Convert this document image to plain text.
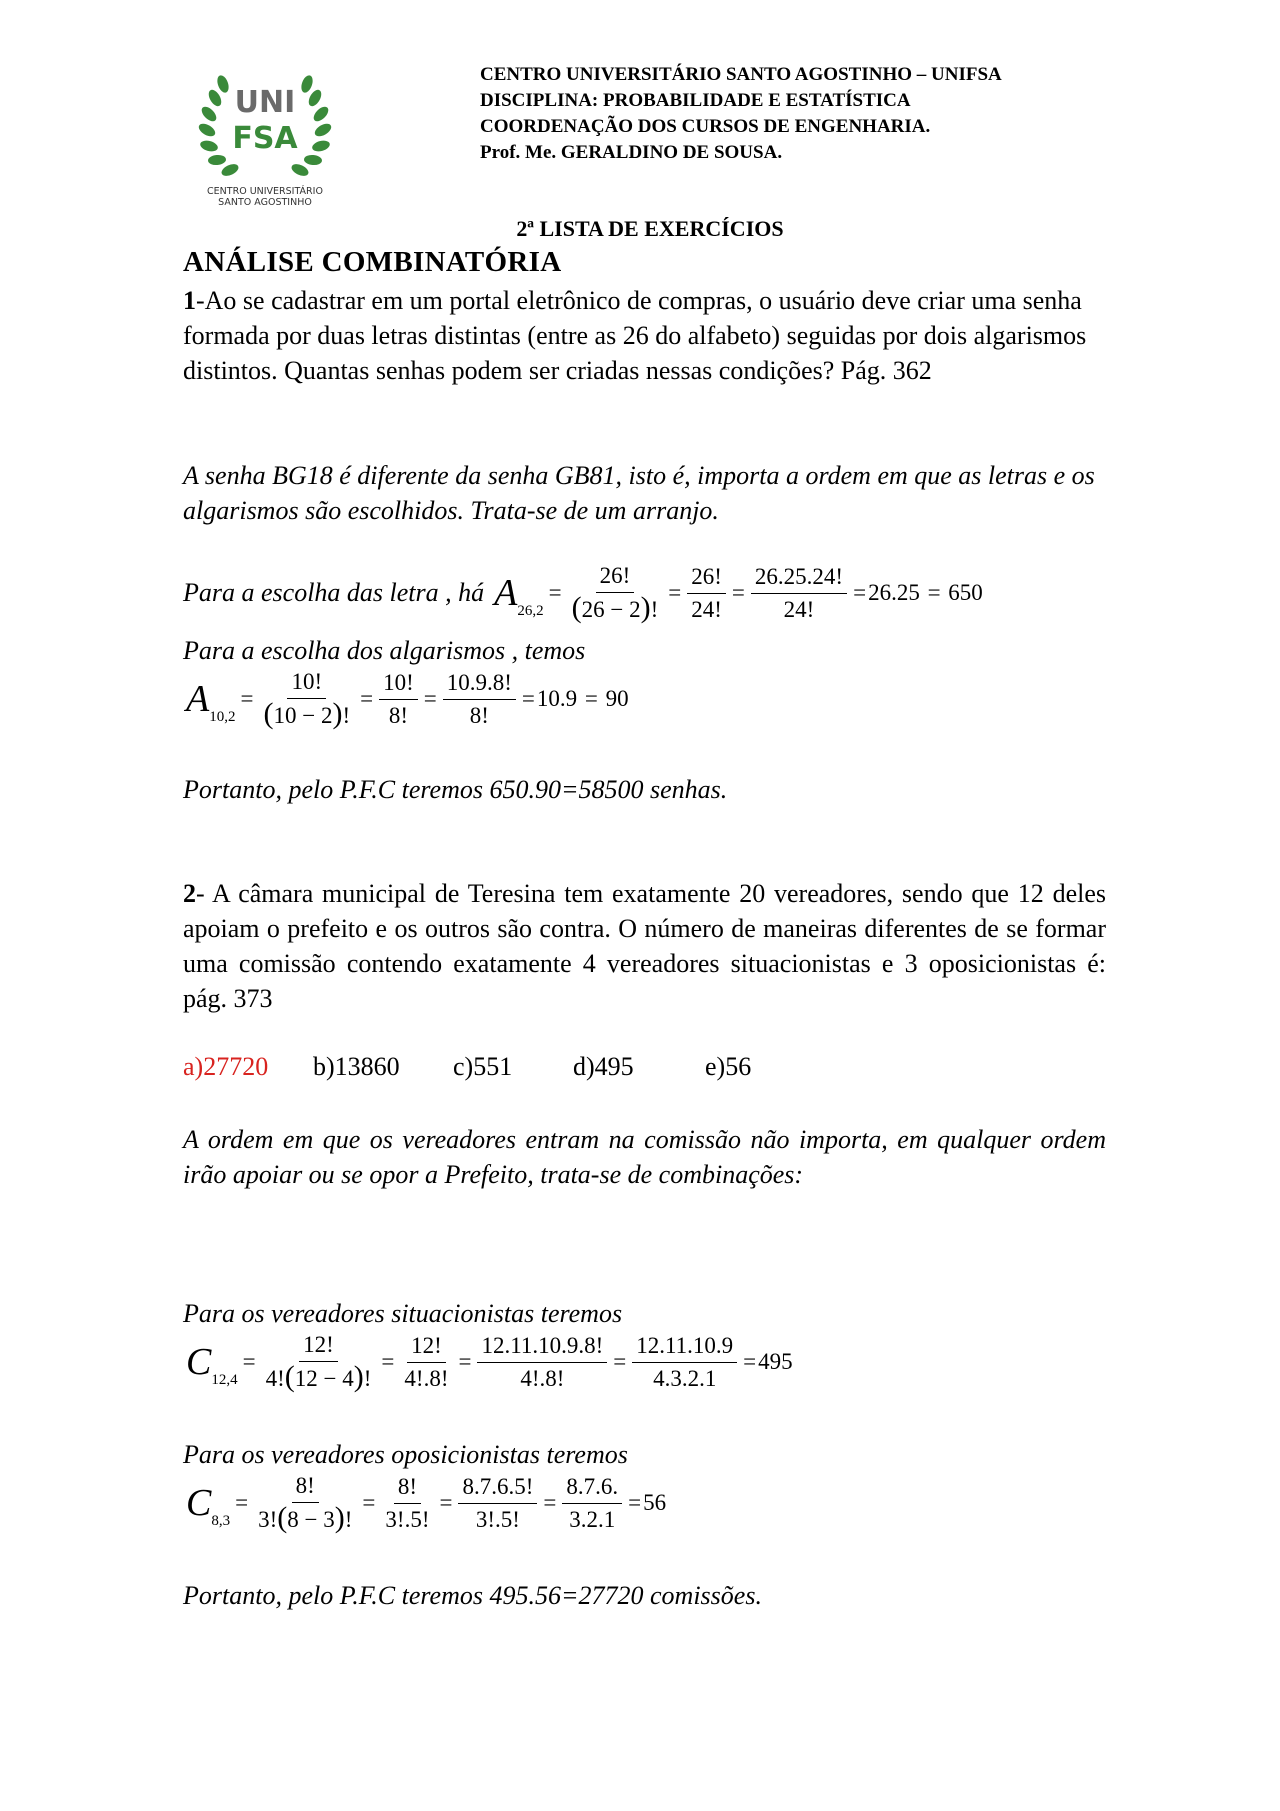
UNI
FSA
CENTRO UNIVERSITÁRIO
SANTO AGOSTINHO
CENTRO UNIVERSITÁRIO SANTO AGOSTINHO – UNIFSA
DISCIPLINA: PROBABILIDADE E ESTATÍSTICA
COORDENAÇÃO DOS CURSOS DE ENGENHARIA.
Prof. Me. GERALDINO DE SOUSA.
2ª LISTA DE EXERCÍCIOS
ANÁLISE COMBINATÓRIA
1-Ao se cadastrar em um portal eletrônico de compras, o usuário deve criar uma senha formada por duas letras distintas (entre as 26 do alfabeto) seguidas por dois algarismos distintos. Quantas senhas podem ser criadas nessas condições? Pág. 362
A senha BG18 é diferente da senha GB81, isto é, importa a ordem em que as letras e os algarismos são escolhidos. Trata-se de um arranjo.
Para a escolha das letra , há A 26,2
= $\frac{26!}{(26 - 2)!} = \frac{26!}{24!} = \frac{26.25.24!}{24!} = 26.25 = 650$
Para a escolha dos algarismos , temos
A 10,2
= $\frac{10!}{(10 - 2)!} = \frac{10!}{8!} = \frac{10.9.8!}{8!} = 10.9 = 90$
Portanto, pelo P.F.C teremos 650.90=58500 senhas.
2- A câmara municipal de Teresina tem exatamente 20 vereadores, sendo que 12 deles apoiam o prefeito e os outros são contra. O número de maneiras diferentes de se formar uma comissão contendo exatamente 4 vereadores situacionistas e 3 oposicionistas é: pág. 373
a)27720 b)13860 c)551 d)495	e)56
A ordem em que os vereadores entram na comissão não importa, em qualquer ordem irão apoiar ou se opor a Prefeito, trata-se de combinações:
Para os vereadores situacionistas teremos
C 12,4
= $\frac{12!}{4!(12 - 4)!} = \frac{12!}{4!.8!} = \frac{12.11.10.9.8!}{4!.8!} = \frac{12.11.10.9}{4.3.2.1} = 495$
Para os vereadores oposicionistas teremos
C 8,3
= $\frac{8!}{3!(8 - 3)!} = \frac{8!}{3!.5!} = \frac{8.7.6.5!}{3!.5!} = \frac{8.7.6.}{3.2.1} = 56$
Portanto, pelo P.F.C teremos 495.56=27720 comissões.
